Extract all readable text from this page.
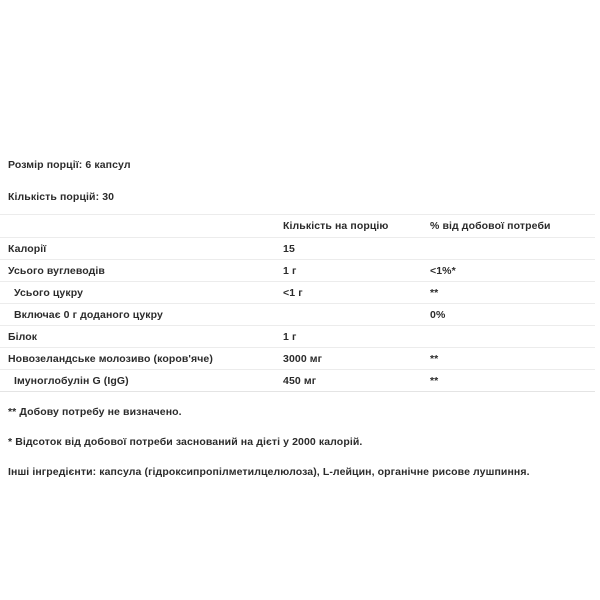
Розмір порції: 6 капсул
Кількість порцій: 30
	Кількість на порцію	% від добової потреби
Калорії	15	
Усього вуглеводів	1 г	<1%*
Усього цукру	<1 г	**
Включає 0 г доданого цукру		0%
Білок	1 г	
Новозеландське молозиво (коров'яче)	3000 мг	**
Імуноглобулін G (IgG)	450 мг	**
** Добову потребу не визначено.
* Відсоток від добової потреби заснований на дієті у 2000 калорій.
Інші інгредієнти: капсула (гідроксипропілметилцелюлоза), L-лейцин, органічне рисове лушпиння.
